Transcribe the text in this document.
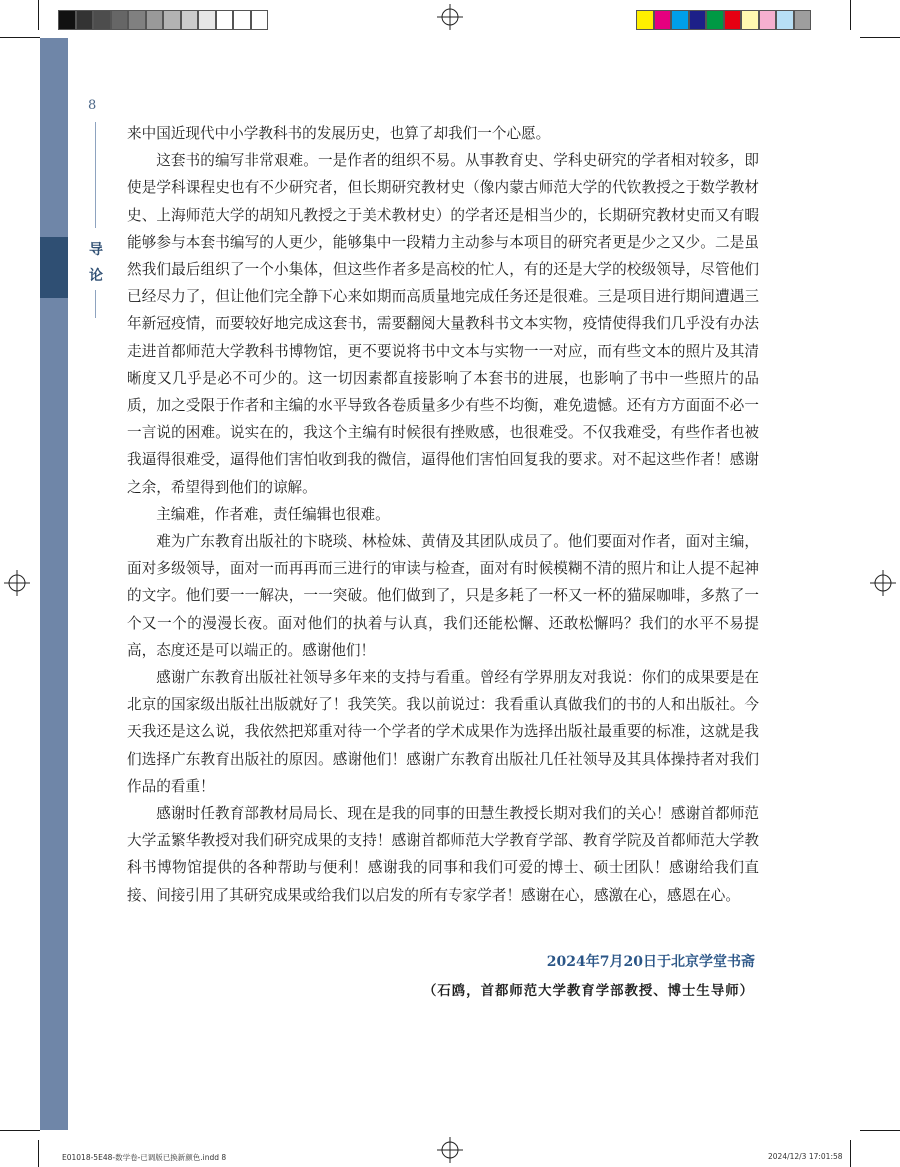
8
导论

来中国近现代中小学教科书的发展历史，也算了却我们一个心愿。

这套书的编写非常艰难。一是作者的组织不易。从事教育史、学科史研究的学者相对较多，即使是学科课程史也有不少研究者，但长期研究教材史（像内蒙古师范大学的代钦教授之于数学教材史、上海师范大学的胡知凡教授之于美术教材史）的学者还是相当少的，长期研究教材史而又有暇能够参与本套书编写的人更少，能够集中一段精力主动参与本项目的研究者更是少之又少。二是虽然我们最后组织了一个小集体，但这些作者多是高校的忙人，有的还是大学的校级领导，尽管他们已经尽力了，但让他们完全静下心来如期而高质量地完成任务还是很难。三是项目进行期间遭遇三年新冠疫情，而要较好地完成这套书，需要翻阅大量教科书文本实物，疫情使得我们几乎没有办法走进首都师范大学教科书博物馆，更不要说将书中文本与实物一一对应，而有些文本的照片及其清晰度又几乎是必不可少的。这一切因素都直接影响了本套书的进展，也影响了书中一些照片的品质，加之受限于作者和主编的水平导致各卷质量多少有些不均衡，难免遗憾。还有方方面面不必一一言说的困难。说实在的，我这个主编有时候很有挫败感，也很难受。不仅我难受，有些作者也被我逼得很难受，逼得他们害怕收到我的微信，逼得他们害怕回复我的要求。对不起这些作者！感谢之余，希望得到他们的谅解。

主编难，作者难，责任编辑也很难。

难为广东教育出版社的卞晓琰、林检妹、黄倩及其团队成员了。他们要面对作者，面对主编，面对多级领导，面对一而再再而三进行的审读与检查，面对有时候模糊不清的照片和让人提不起神的文字。他们要一一解决，一一突破。他们做到了，只是多耗了一杯又一杯的猫屎咖啡，多熬了一个又一个的漫漫长夜。面对他们的执着与认真，我们还能松懈、还敢松懈吗？我们的水平不易提高，态度还是可以端正的。感谢他们！

感谢广东教育出版社社领导多年来的支持与看重。曾经有学界朋友对我说：你们的成果要是在北京的国家级出版社出版就好了！我笑笑。我以前说过：我看重认真做我们的书的人和出版社。今天我还是这么说，我依然把郑重对待一个学者的学术成果作为选择出版社最重要的标准，这就是我们选择广东教育出版社的原因。感谢他们！感谢广东教育出版社几任社领导及其具体操持者对我们作品的看重！

感谢时任教育部教材局局长、现在是我的同事的田慧生教授长期对我们的关心！感谢首都师范大学孟繁华教授对我们研究成果的支持！感谢首都师范大学教育学部、教育学院及首都师范大学教科书博物馆提供的各种帮助与便利！感谢我的同事和我们可爱的博士、硕士团队！感谢给我们直接、间接引用了其研究成果或给我们以启发的所有专家学者！感谢在心，感激在心，感恩在心。

2024年7月20日于北京学堂书斋
（石鸥，首都师范大学教育学部教授、博士生导师）
E01018-5E48-数学卷-已调版已换新颜色.indd 8	2024/12/3 17:01:58
